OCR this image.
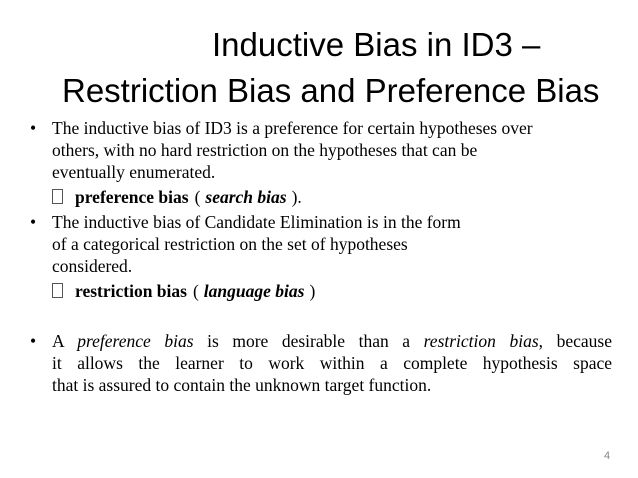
Inductive Bias in ID3 –
Restriction Bias and Preference Bias
• The inductive bias of ID3 is a preference for certain hypotheses over
others, with no hard restriction on the hypotheses that can be
eventually enumerated.
preference bias ( search bias ).
• The inductive bias of Candidate Elimination is in the form
of a categorical restriction on the set of hypotheses
considered.
restriction bias ( language bias )
• A preference bias is more desirable than a restriction bias, because
it allows the learner to work within a complete hypothesis space
that is assured to contain the unknown target function.
4
